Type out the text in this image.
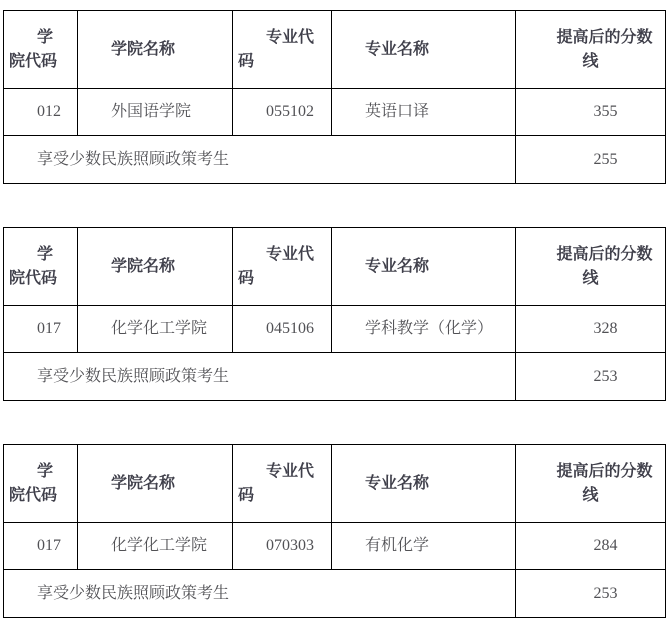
学院代码	学院名称	专业代码	专业名称	提高后的分数线
012	外国语学院	055102	英语口译	355
享受少数民族照顾政策考生				255
学院代码	学院名称	专业代码	专业名称	提高后的分数线
017	化学化工学院	045106	学科教学（化学）	328
享受少数民族照顾政策考生				253
学院代码	学院名称	专业代码	专业名称	提高后的分数线
017	化学化工学院	070303	有机化学	284
享受少数民族照顾政策考生				253
